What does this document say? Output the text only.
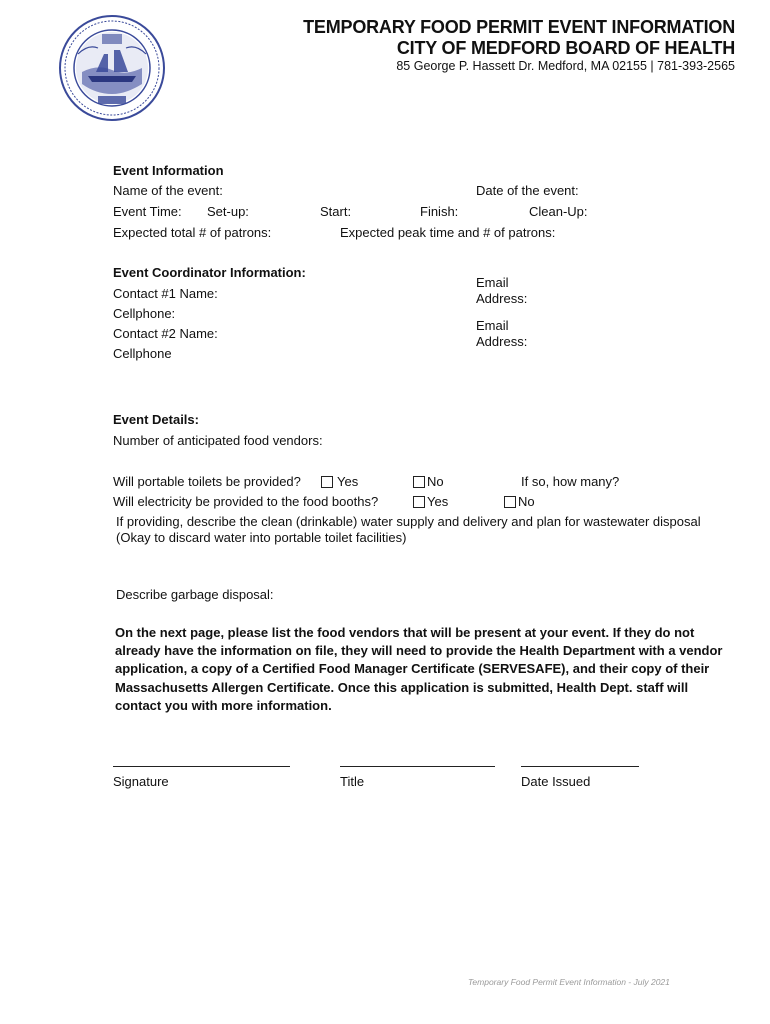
TEMPORARY FOOD PERMIT EVENT INFORMATION
CITY OF MEDFORD BOARD OF HEALTH
85 George P. Hassett Dr. Medford, MA 02155 | 781-393-2565
Event Information
Name of the event:	Date of the event:
Event Time: Set-up:	Start:	Finish:	Clean-Up:
Expected total # of patrons:	Expected peak time and # of patrons:
Event Coordinator Information:
Contact #1 Name:
Cellphone:
Contact #2 Name:
Cellphone
Email
Address:
Email
Address:
Event Details:
Number of anticipated food vendors:
Will portable toilets be provided?	Yes	No	If so, how many?
Will electricity be provided to the food booths?	Yes	No
If providing, describe the clean (drinkable) water supply and delivery and plan for wastewater disposal
(Okay to discard water into portable toilet facilities)
Describe garbage disposal:
On the next page, please list the food vendors that will be present at your event. If they do not already have the information on file, they will need to provide the Health Department with a vendor application, a copy of a Certified Food Manager Certificate (SERVESAFE), and their copy of their Massachusetts Allergen Certificate. Once this application is submitted, Health Dept. staff will contact you with more information.
Signature	Title	Date Issued
Temporary Food Permit Event Information - July 2021
